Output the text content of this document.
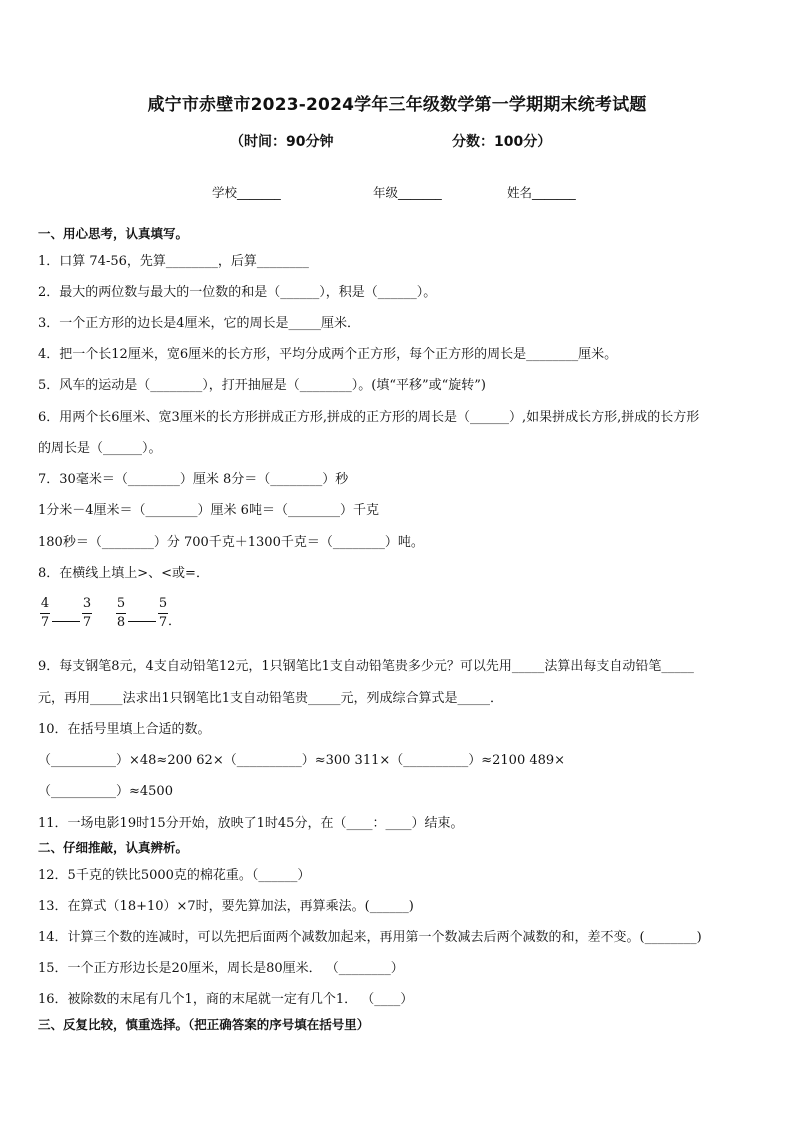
咸宁市赤壁市2023-2024学年三年级数学第一学期期末统考试题
（时间：90分钟	分数：100分）
学校_______	年级_______	姓名_______
一、用心思考，认真填写。
1．口算 74-56，先算________，后算________
2．最大的两位数与最大的一位数的和是（______），积是（______）。
3．一个正方形的边长是4厘米，它的周长是_____厘米．
4．把一个长12厘米，宽6厘米的长方形，平均分成两个正方形，每个正方形的周长是________厘米。
5．风车的运动是（________），打开抽屉是（________）。(填“平移”或“旋转”)
6．用两个长6厘米、宽3厘米的长方形拼成正方形,拼成的正方形的周长是（______）,如果拼成长方形,拼成的长方形
的周长是（______）。
7．30毫米＝（________）厘米 8分＝（________）秒
1分米－4厘米＝（________）厘米 6吨＝（________）千克
180秒＝（________）分 700千克＋1300千克＝（________）吨。
8．在横线上填上>、<或=．
4
7
3
7
5
8
5
7 ．
9．每支钢笔8元，4支自动铅笔12元，1只钢笔比1支自动铅笔贵多少元？可以先用_____法算出每支自动铅笔_____
元，再用_____法求出1只钢笔比1支自动铅笔贵_____元，列成综合算式是_____．
10．在括号里填上合适的数。
（__________）×48≈200 62×（__________）≈300 311×（__________）≈2100 489×
（__________）≈4500
11．一场电影19时15分开始，放映了1时45分，在（____：____）结束。
二、仔细推敲，认真辨析。
12．5千克的铁比5000克的棉花重。（______）
13．在算式（18+10）×7时，要先算加法，再算乘法。(______)
14．计算三个数的连减时，可以先把后面两个减数加起来，再用第一个数减去后两个减数的和，差不变。(________)
15．一个正方形边长是20厘米，周长是80厘米． （________）
16．被除数的末尾有几个1，商的末尾就一定有几个1． （____）
三、反复比较，慎重选择。（把正确答案的序号填在括号里）
